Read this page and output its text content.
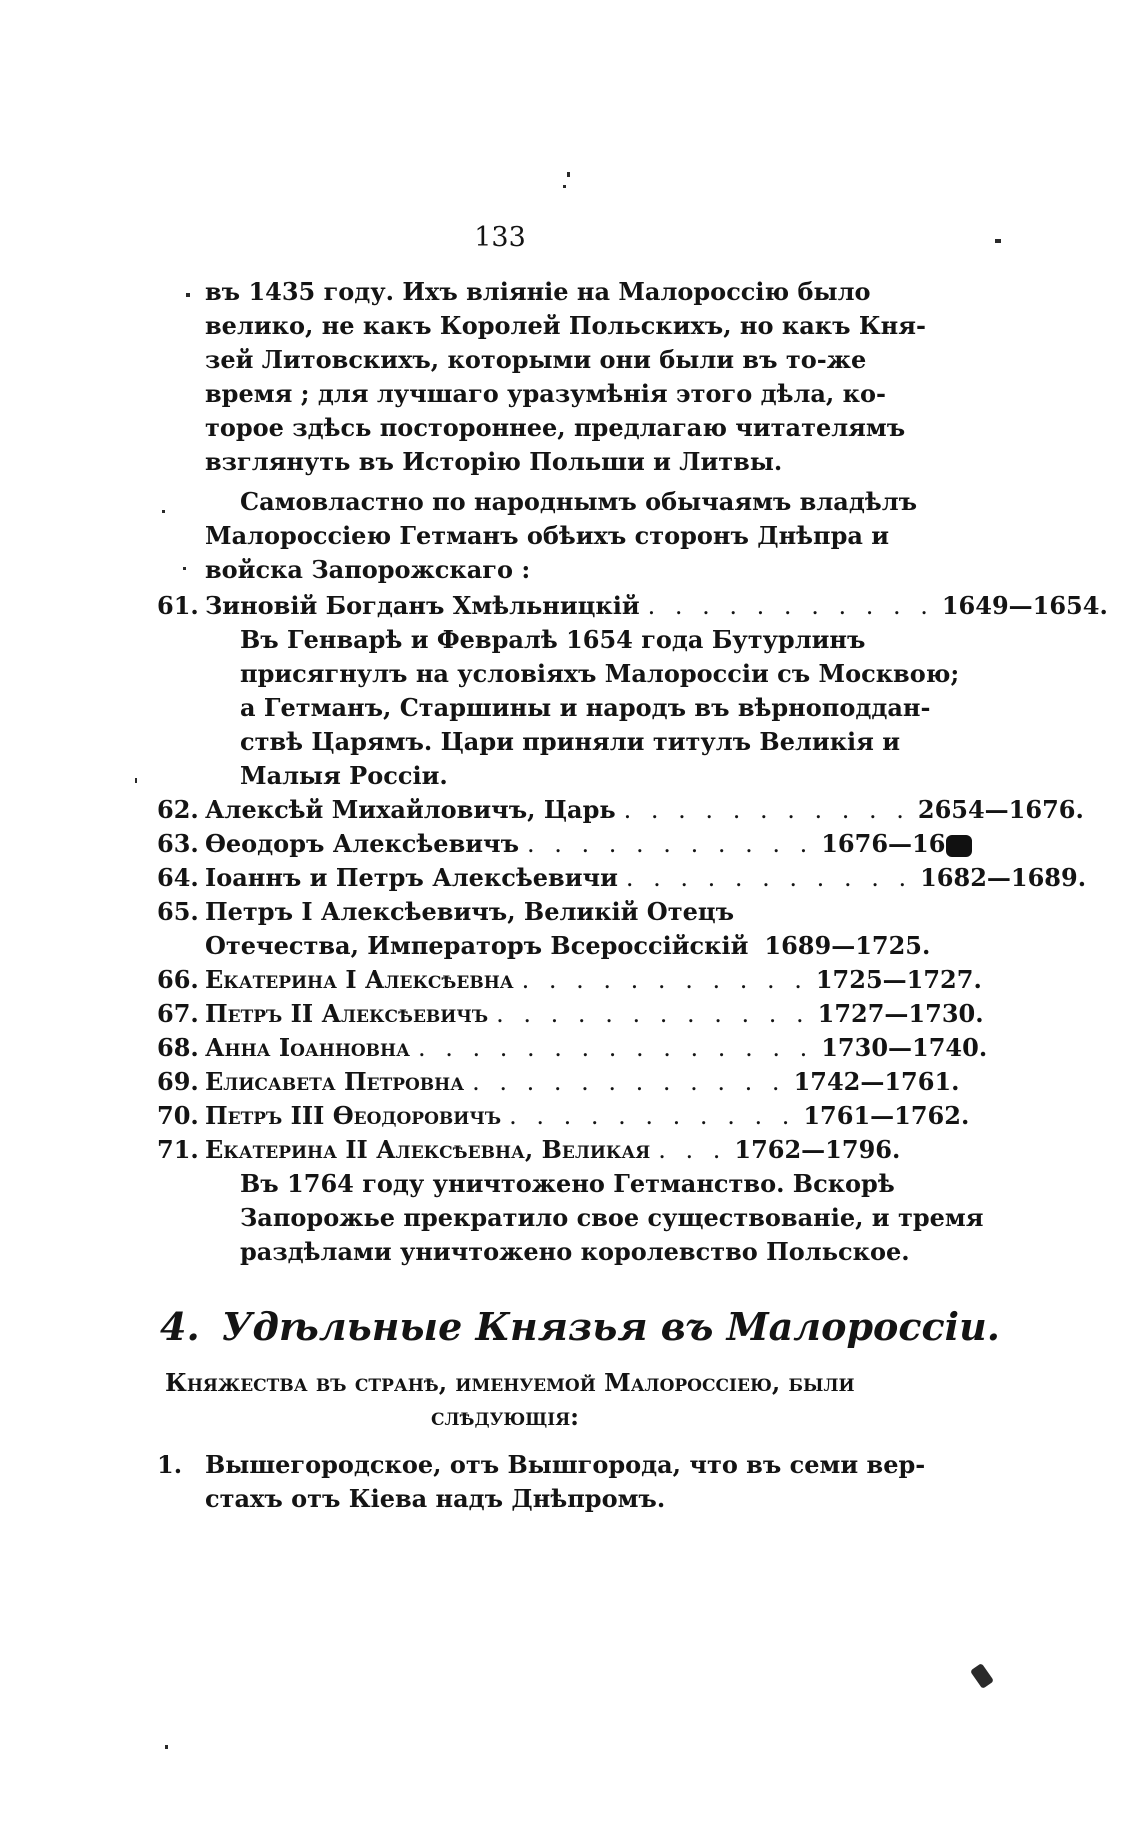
133
въ 1435 году. Ихъ вліяніе на Малороссію было
велико, не какъ Королей Польскихъ, но какъ Кня-
зей Литовскихъ, которыми они были въ то-же
время ; для лучшаго уразумѣнія этого дѣла, ко-
торое здѣсь постороннее, предлагаю читателямъ
взглянуть въ Исторію Польши и Литвы.
Самовластно по народнымъ обычаямъ владѣлъ
Малороссіею Гетманъ обѣихъ сторонъ Днѣпра и
войска Запорожскаго :
61. Зиновій Богданъ Хмѣльницкій . . . . . . . . . . . 1649—1654.
Въ Генварѣ и Февралѣ 1654 года Бутурлинъ
присягнулъ на условіяхъ Малороссіи съ Москвою;
а Гетманъ, Старшины и народъ въ вѣрноподдан-
ствѣ Царямъ. Цари приняли титулъ Великія и
Малыя Россіи.
62. Алексѣй Михайловичъ, Царь . . . . . . . . . . . 2654—1676.
63. Ѳеодоръ Алексѣевичъ . . . . . . . . . . . 1676—16
64. Іоаннъ и Петръ Алексѣевичи . . . . . . . . . . . 1682—1689.
65. Петръ I Алексѣевичъ, Великій Отецъ
Отечества, Императоръ Всероссійскій 1689—1725.
66. Екатерина I Алексѣевна . . . . . . . . . . . 1725—1727.
67. Петръ II Алексѣевичъ . . . . . . . . . . . . 1727—1730.
68. Анна Іоанновна . . . . . . . . . . . . . . . 1730—1740.
69. Елисавета Петровна . . . . . . . . . . . . 1742—1761.
70. Петръ III Ѳеодоровичъ . . . . . . . . . . . 1761—1762.
71. Екатерина II Алексѣевна, Великая . . . 1762—1796.
Въ 1764 году уничтожено Гетманство. Вскорѣ
Запорожье прекратило свое существованіе, и тремя
раздѣлами уничтожено королевство Польское.
4. Удѣльные Князья въ Малороссіи.
Княжества въ странѣ, именуемой Малороссіею, были
слѣдующія:
1. Вышегородское, отъ Вышгорода, что въ семи вер-
стахъ отъ Кіева надъ Днѣпромъ.
